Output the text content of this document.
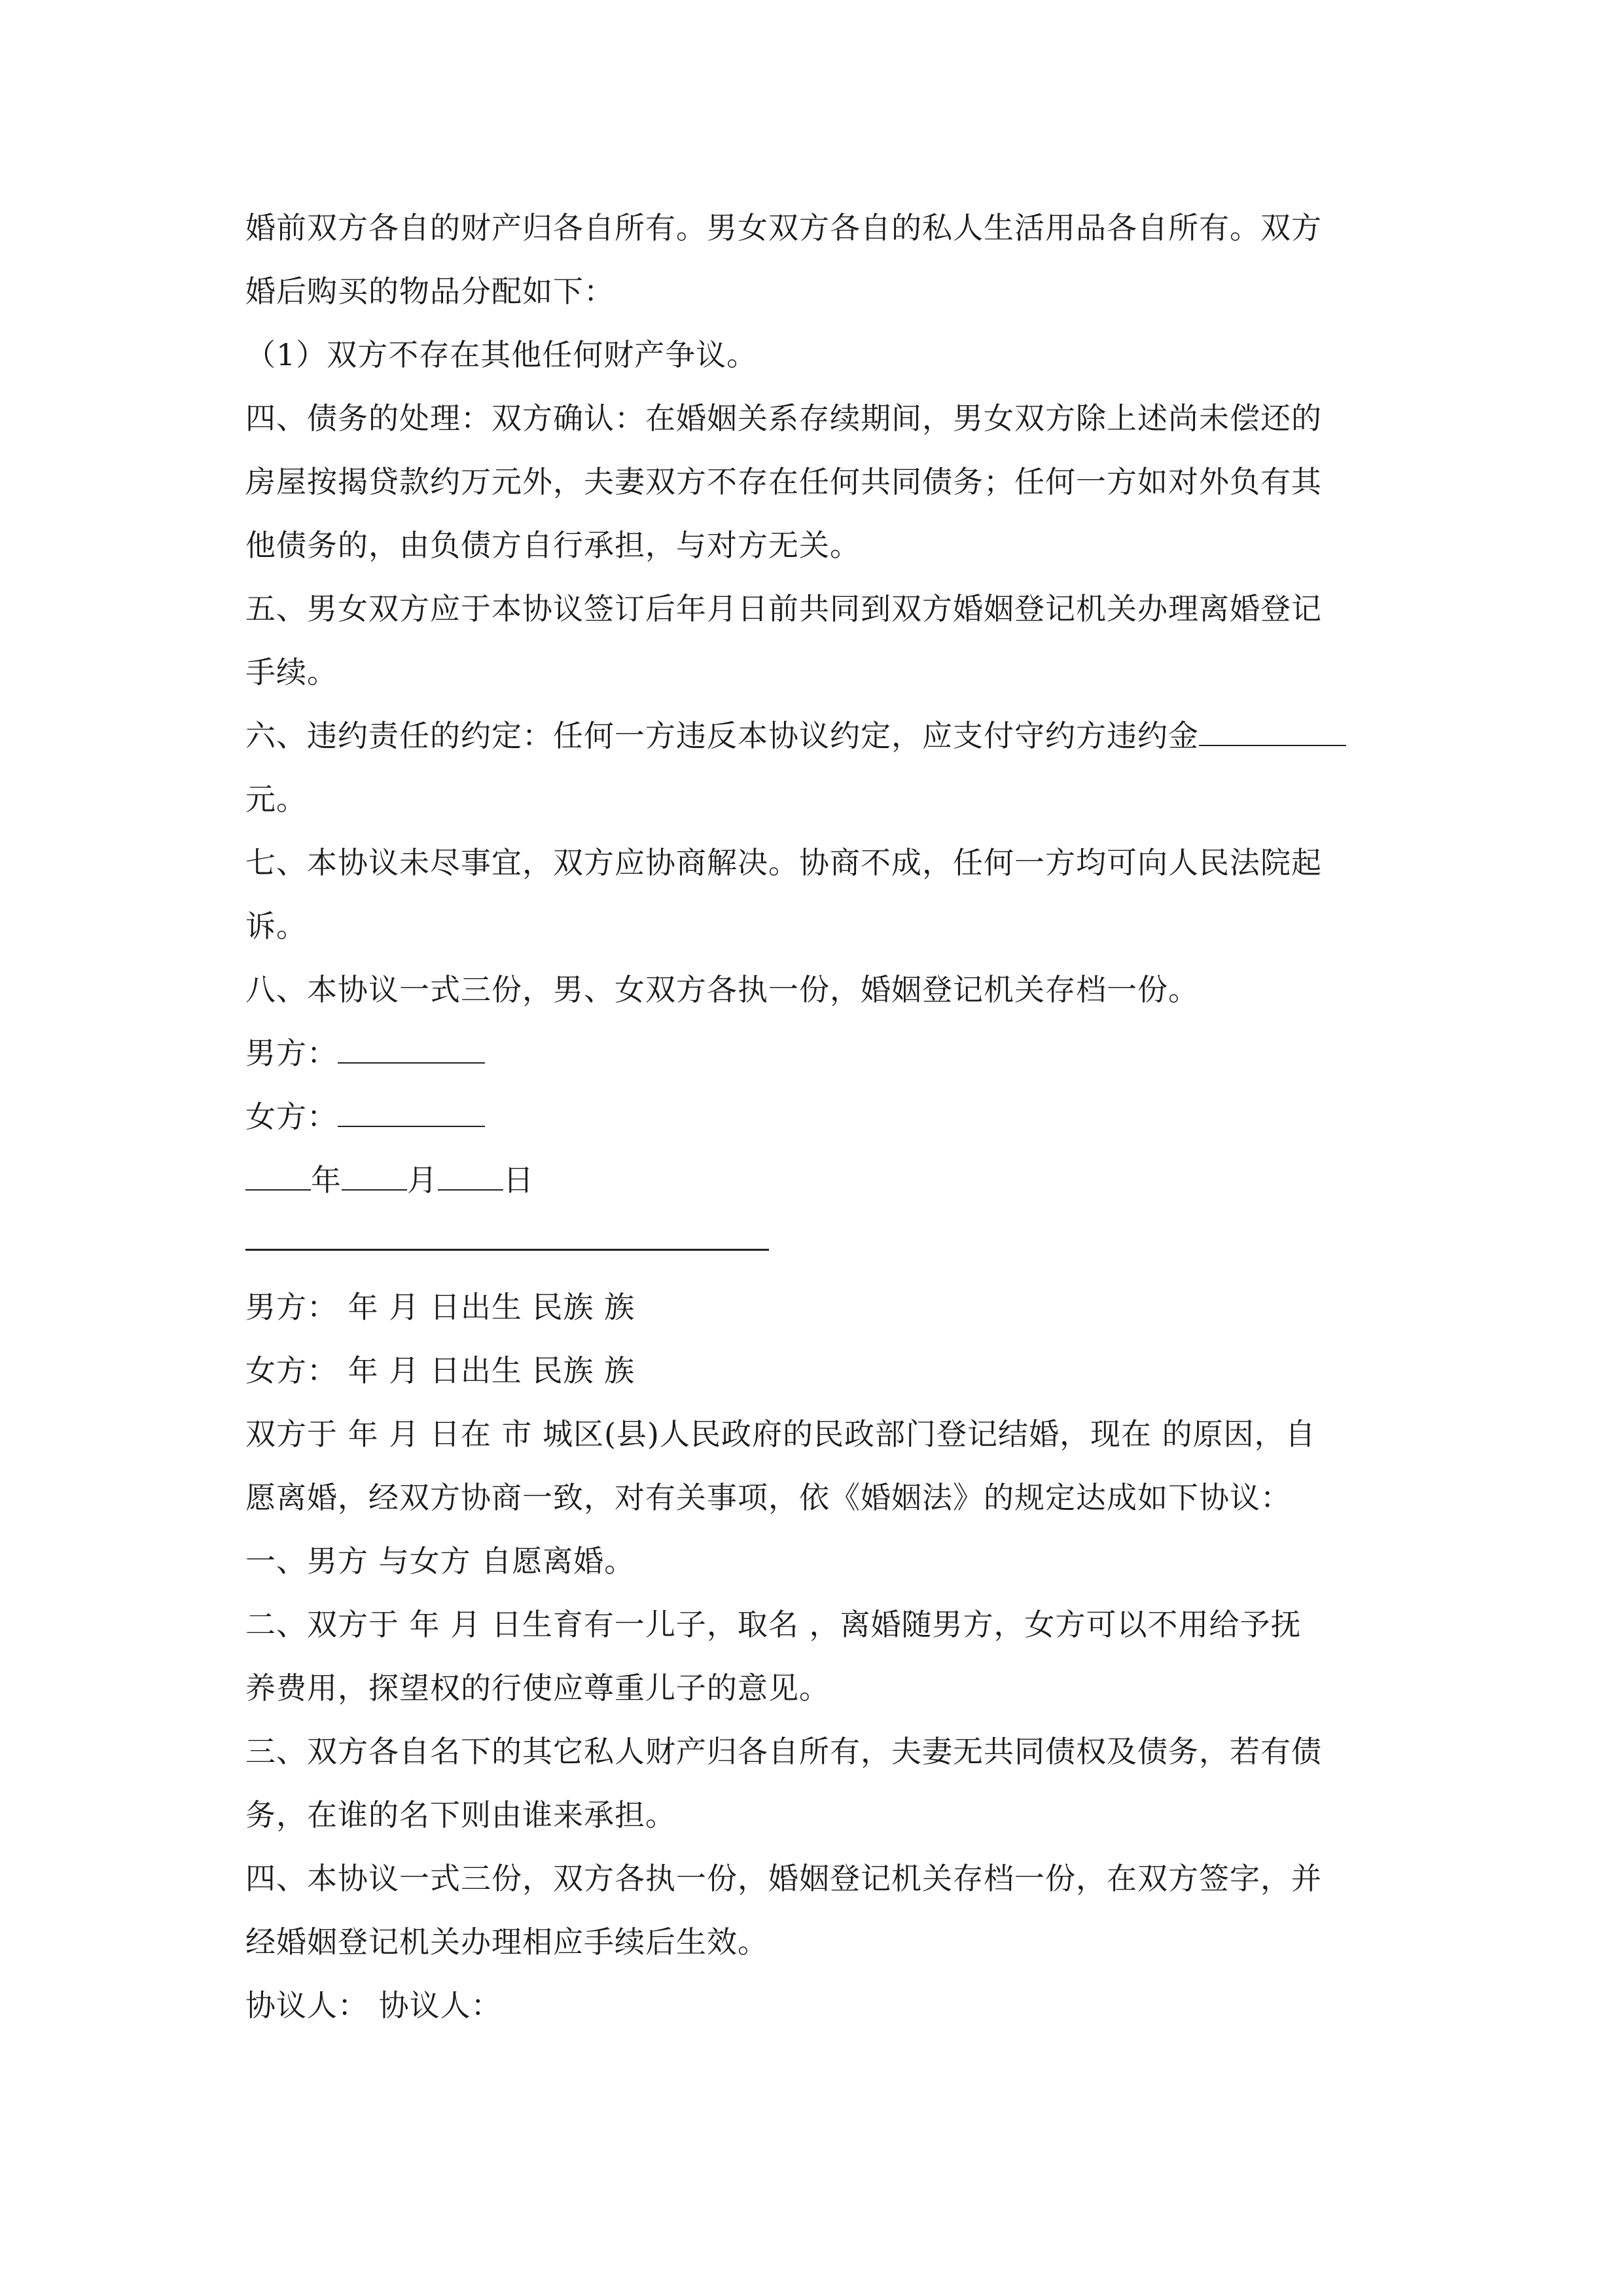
婚前双方各自的财产归各自所有。男女双方各自的私人生活用品各自所有。双方
婚后购买的物品分配如下：
（1）双方不存在其他任何财产争议。
四、债务的处理：双方确认：在婚姻关系存续期间，男女双方除上述尚未偿还的
房屋按揭贷款约万元外，夫妻双方不存在任何共同债务；任何一方如对外负有其
他债务的，由负债方自行承担，与对方无关。
五、男女双方应于本协议签订后年月日前共同到双方婚姻登记机关办理离婚登记
手续。
六、违约责任的约定：任何一方违反本协议约定，应支付守约方违约金
元。
七、本协议未尽事宜，双方应协商解决。协商不成，任何一方均可向人民法院起
诉。
八、本协议一式三份，男、女双方各执一份，婚姻登记机关存档一份。
男方：
女方：
年 月 日
男方： 年 月 日出生 民族 族
女方： 年 月 日出生 民族 族
双方于 年 月 日在 市 城区(县)人民政府的民政部门登记结婚，现在 的原因，自
愿离婚，经双方协商一致，对有关事项，依《婚姻法》的规定达成如下协议：
一、男方 与女方 自愿离婚。
二、双方于 年 月 日生育有一儿子，取名 ，离婚随男方，女方可以不用给予抚
养费用，探望权的行使应尊重儿子的意见。
三、双方各自名下的其它私人财产归各自所有，夫妻无共同债权及债务，若有债
务，在谁的名下则由谁来承担。
四、本协议一式三份，双方各执一份，婚姻登记机关存档一份，在双方签字，并
经婚姻登记机关办理相应手续后生效。
协议人： 协议人：
